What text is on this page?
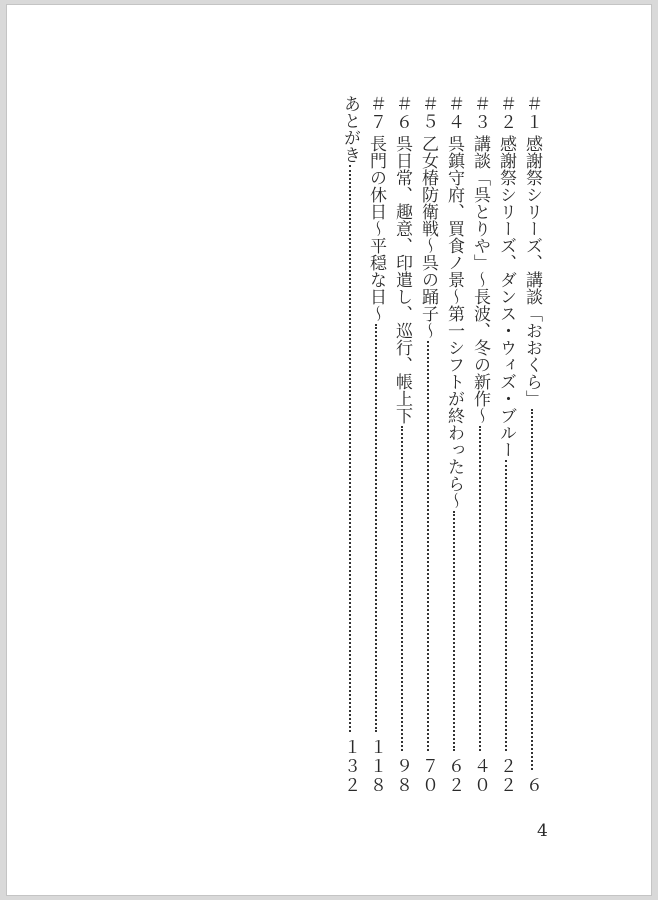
＃１
感謝祭シリーズ、講談「おおくら」
６
＃２
感謝祭シリーズ、ダンス・ウィズ・ブルー
２２
＃３
講談「呉とりや」〜長波、冬の新作〜
４０
＃４
呉鎮守府、買食ノ景〜第一シフトが終わったら〜
６２
＃５
乙女椿防衛戦〜呉の踊子〜
７０
＃６
呉日常、趣意、印遣し、巡行、帳上下
９８
＃７
長門の休日〜平穏な日〜
１１８
あとがき
１３２
4
